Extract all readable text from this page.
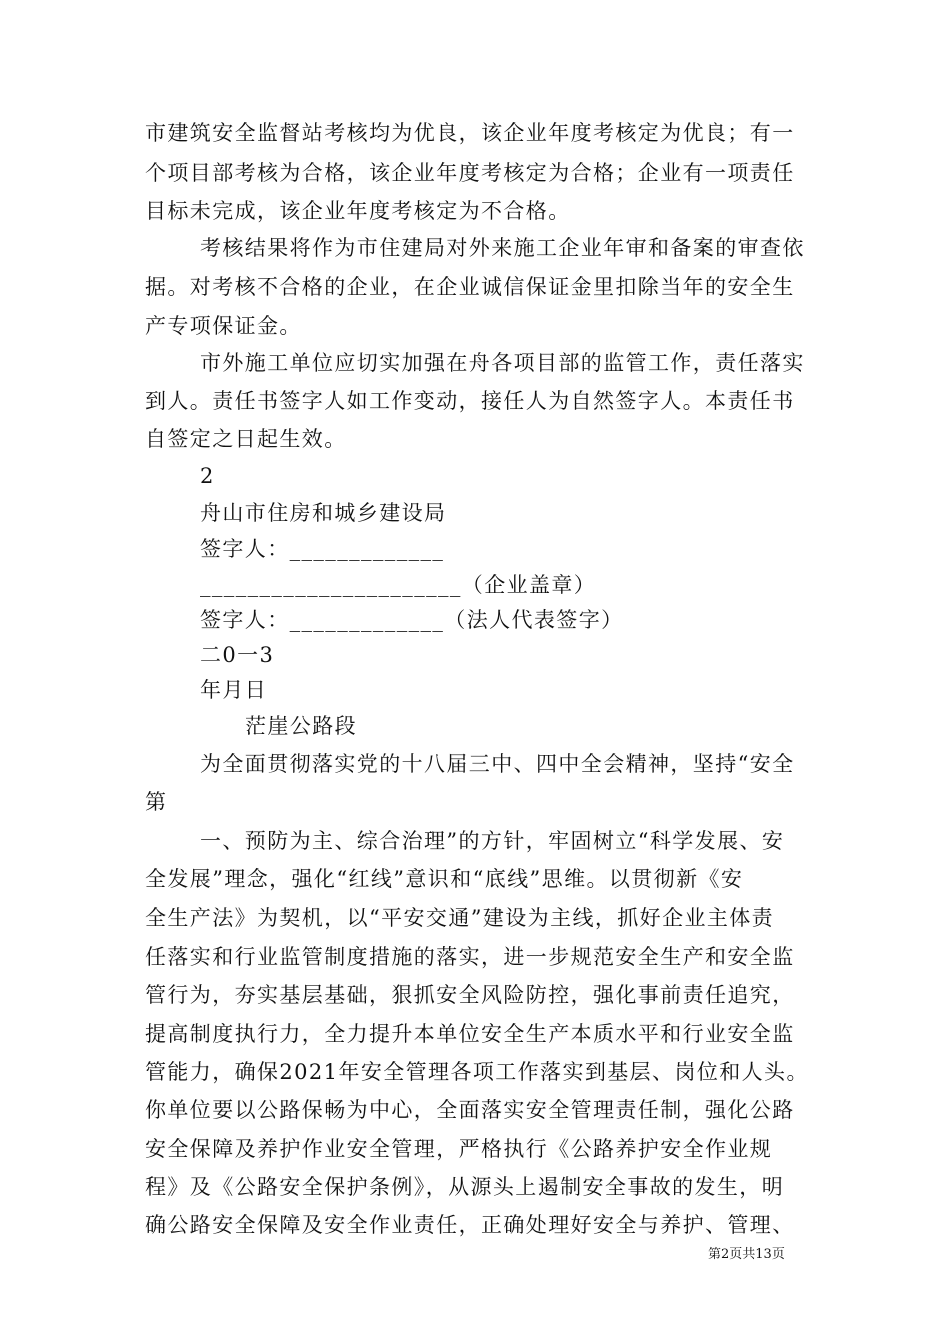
市建筑安全监督站考核均为优良，该企业年度考核定为优良；有一
个项目部考核为合格，该企业年度考核定为合格；企业有一项责任
目标未完成，该企业年度考核定为不合格。
考核结果将作为市住建局对外来施工企业年审和备案的审查依
据。对考核不合格的企业，在企业诚信保证金里扣除当年的安全生
产专项保证金。
市外施工单位应切实加强在舟各项目部的监管工作，责任落实
到人。责任书签字人如工作变动，接任人为自然签字人。本责任书
自签定之日起生效。
2
舟山市住房和城乡建设局
签字人：_____________
______________________（企业盖章）
签字人：_____________（法人代表签字）
二0一3
年月日
茫崖公路段
为全面贯彻落实党的十八届三中、四中全会精神，坚持“安全
第
一、预防为主、综合治理”的方针，牢固树立“科学发展、安
全发展”理念，强化“红线”意识和“底线”思维。以贯彻新《安
全生产法》为契机，以“平安交通”建设为主线，抓好企业主体责
任落实和行业监管制度措施的落实，进一步规范安全生产和安全监
管行为，夯实基层基础，狠抓安全风险防控，强化事前责任追究，
提高制度执行力，全力提升本单位安全生产本质水平和行业安全监
管能力，确保2021年安全管理各项工作落实到基层、岗位和人头。
你单位要以公路保畅为中心，全面落实安全管理责任制，强化公路
安全保障及养护作业安全管理，严格执行《公路养护安全作业规
程》及《公路安全保护条例》，从源头上遏制安全事故的发生，明
确公路安全保障及安全作业责任，正确处理好安全与养护、管理、
第2页共13页
